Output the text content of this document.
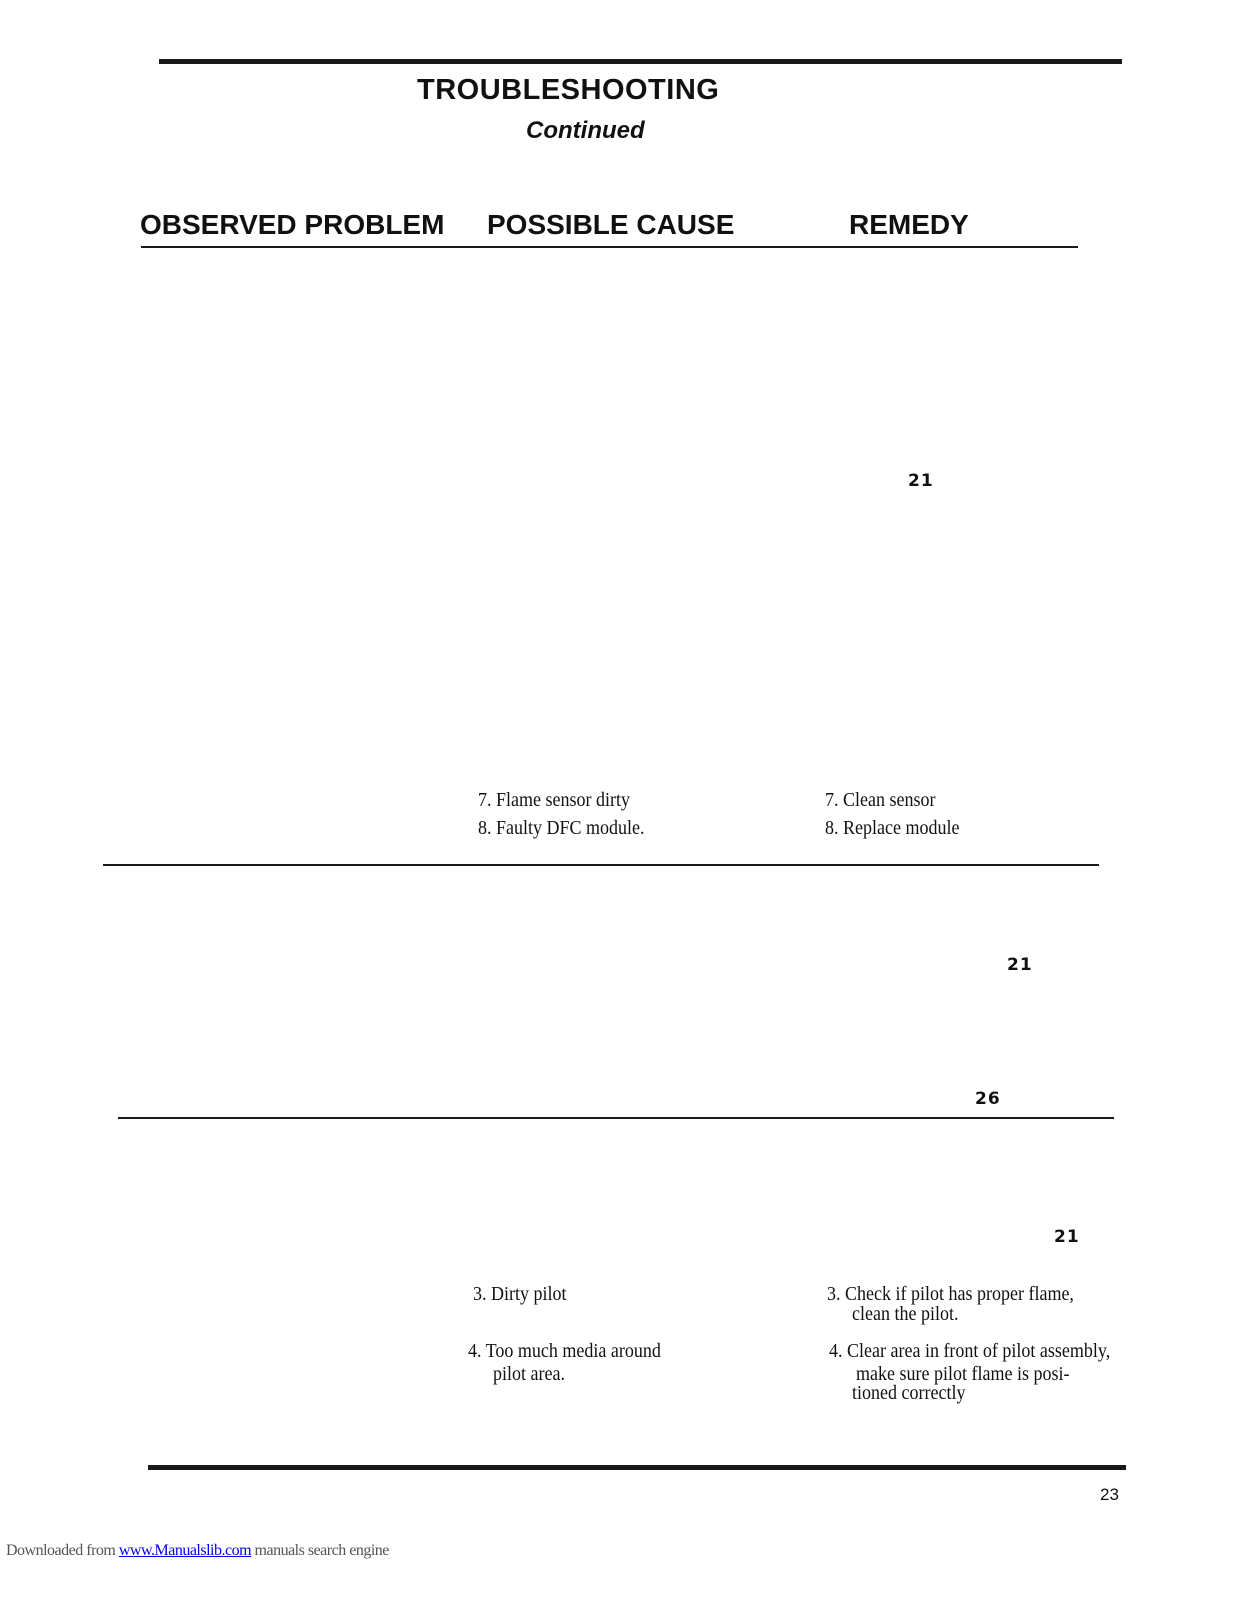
TROUBLESHOOTING
Continued
OBSERVED PROBLEM POSSIBLE CAUSE	REMEDY
21
7. Flame sensor dirty
8. Faulty DFC module.
7. Clean sensor
8. Replace module
21
26
21
3. Dirty pilot	3. Check if pilot has proper flame,
clean the pilot.
4. Too much media around
pilot area.
4. Clear area in front of pilot assembly,
make sure pilot flame is posi-
tioned correctly
23
Downloaded from www.Manualslib.com manuals search engine
